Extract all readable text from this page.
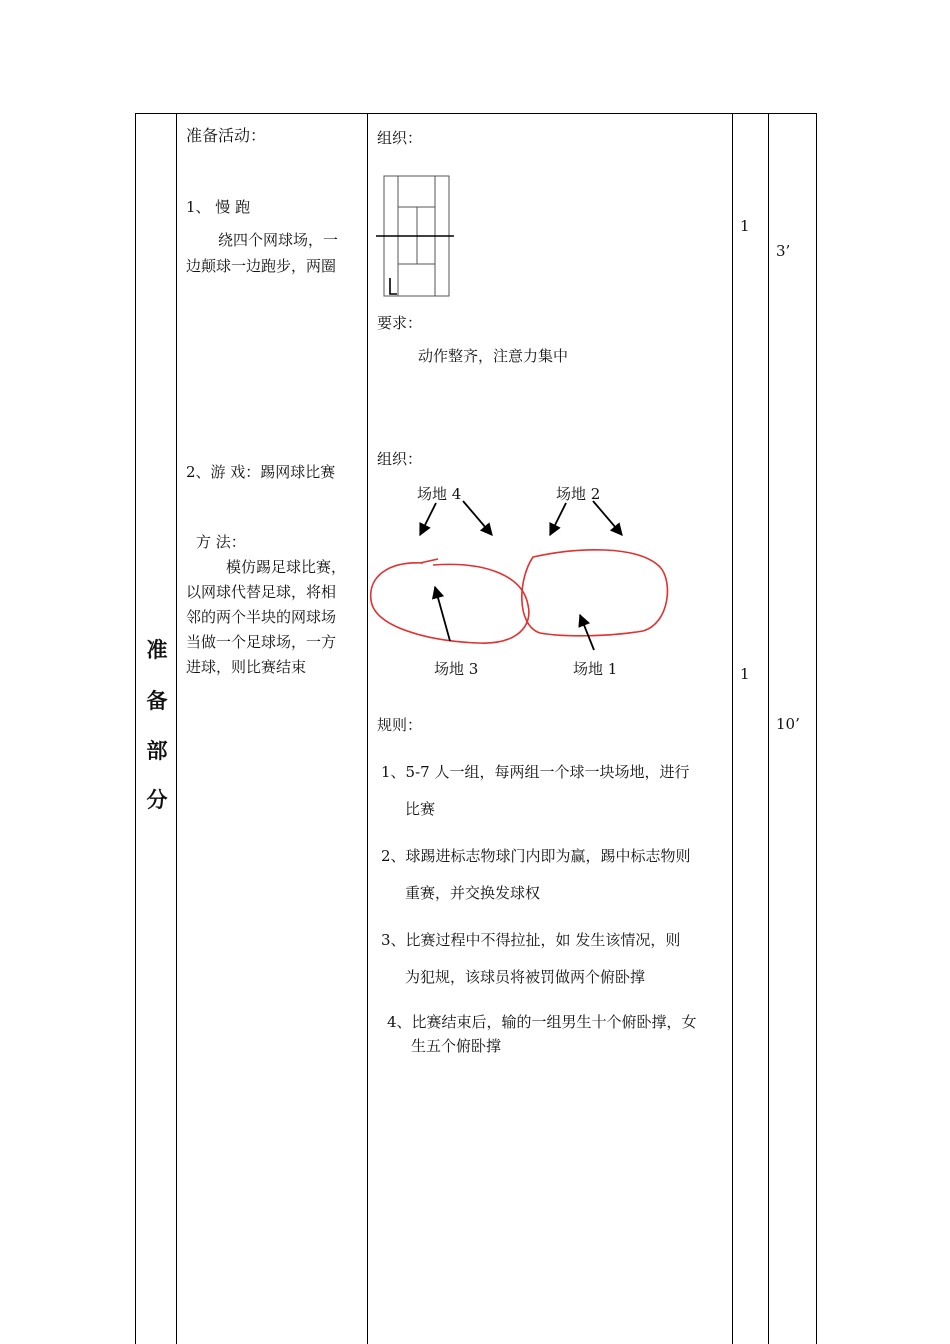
准
备
部
分
准备活动：
1、 慢 跑
绕四个网球场，一
边颠球一边跑步，两圈
2、游 戏：踢网球比赛
方 法：
模仿踢足球比赛，
以网球代替足球，将相
邻的两个半块的网球场
当做一个足球场，一方
进球，则比赛结束
组织：
要求：
动作整齐，注意力集中
组织：
场地 4	场地 2
场地 3	场地 1
规则：
1、5-7 人一组，每两组一个球一块场地，进行
比赛
2、球踢进标志物球门内即为赢，踢中标志物则
重赛，并交换发球权
3、比赛过程中不得拉扯，如 发生该情况，则
为犯规，该球员将被罚做两个俯卧撑
4、比赛结束后，输的一组男生十个俯卧撑，女
生五个俯卧撑
1
3’
1
10’
